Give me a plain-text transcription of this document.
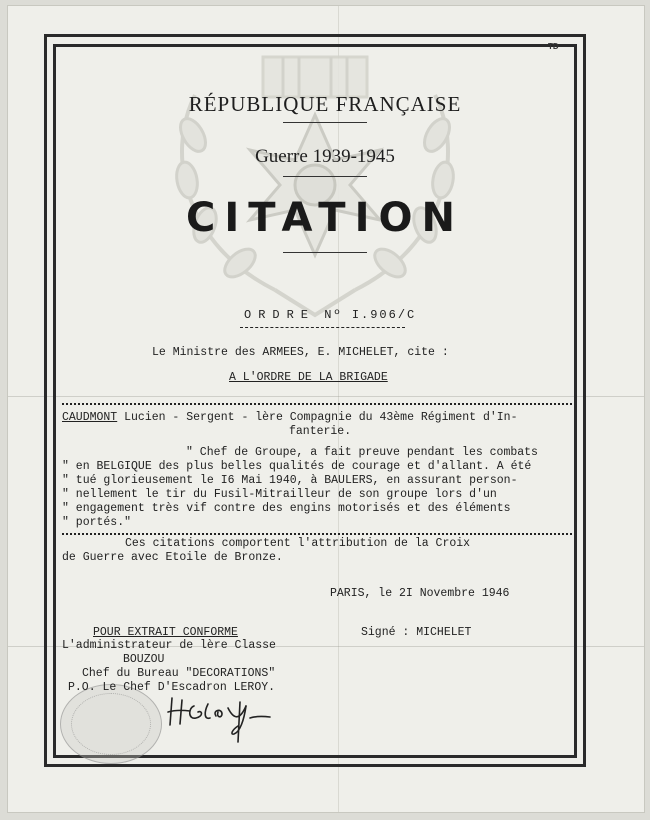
TD
RÉPUBLIQUE FRANÇAISE
Guerre 1939-1945
CITATION
ORDRE Nº I.906/C
Le Ministre des ARMEES, E. MICHELET, cite :
A L'ORDRE DE LA BRIGADE
CAUDMONT Lucien - Sergent - lère Compagnie du 43ème Régiment d'In-
fanterie.
" Chef de Groupe, a fait preuve pendant les combats
" en BELGIQUE des plus belles qualités de courage et d'allant. A été
" tué glorieusement le I6 Mai 1940, à BAULERS, en assurant person-
" nellement le tir du Fusil-Mitrailleur de son groupe lors d'un
" engagement très vif contre des engins motorisés et des éléments
" portés."
Ces citations comportent l'attribution de la Croix
de Guerre avec Etoile de Bronze.
PARIS, le 2I Novembre 1946
POUR EXTRAIT CONFORME	Signé : MICHELET
L'administrateur de lère Classe
BOUZOU
Chef du Bureau "DECORATIONS"
P.O. Le Chef D'Escadron LEROY.
